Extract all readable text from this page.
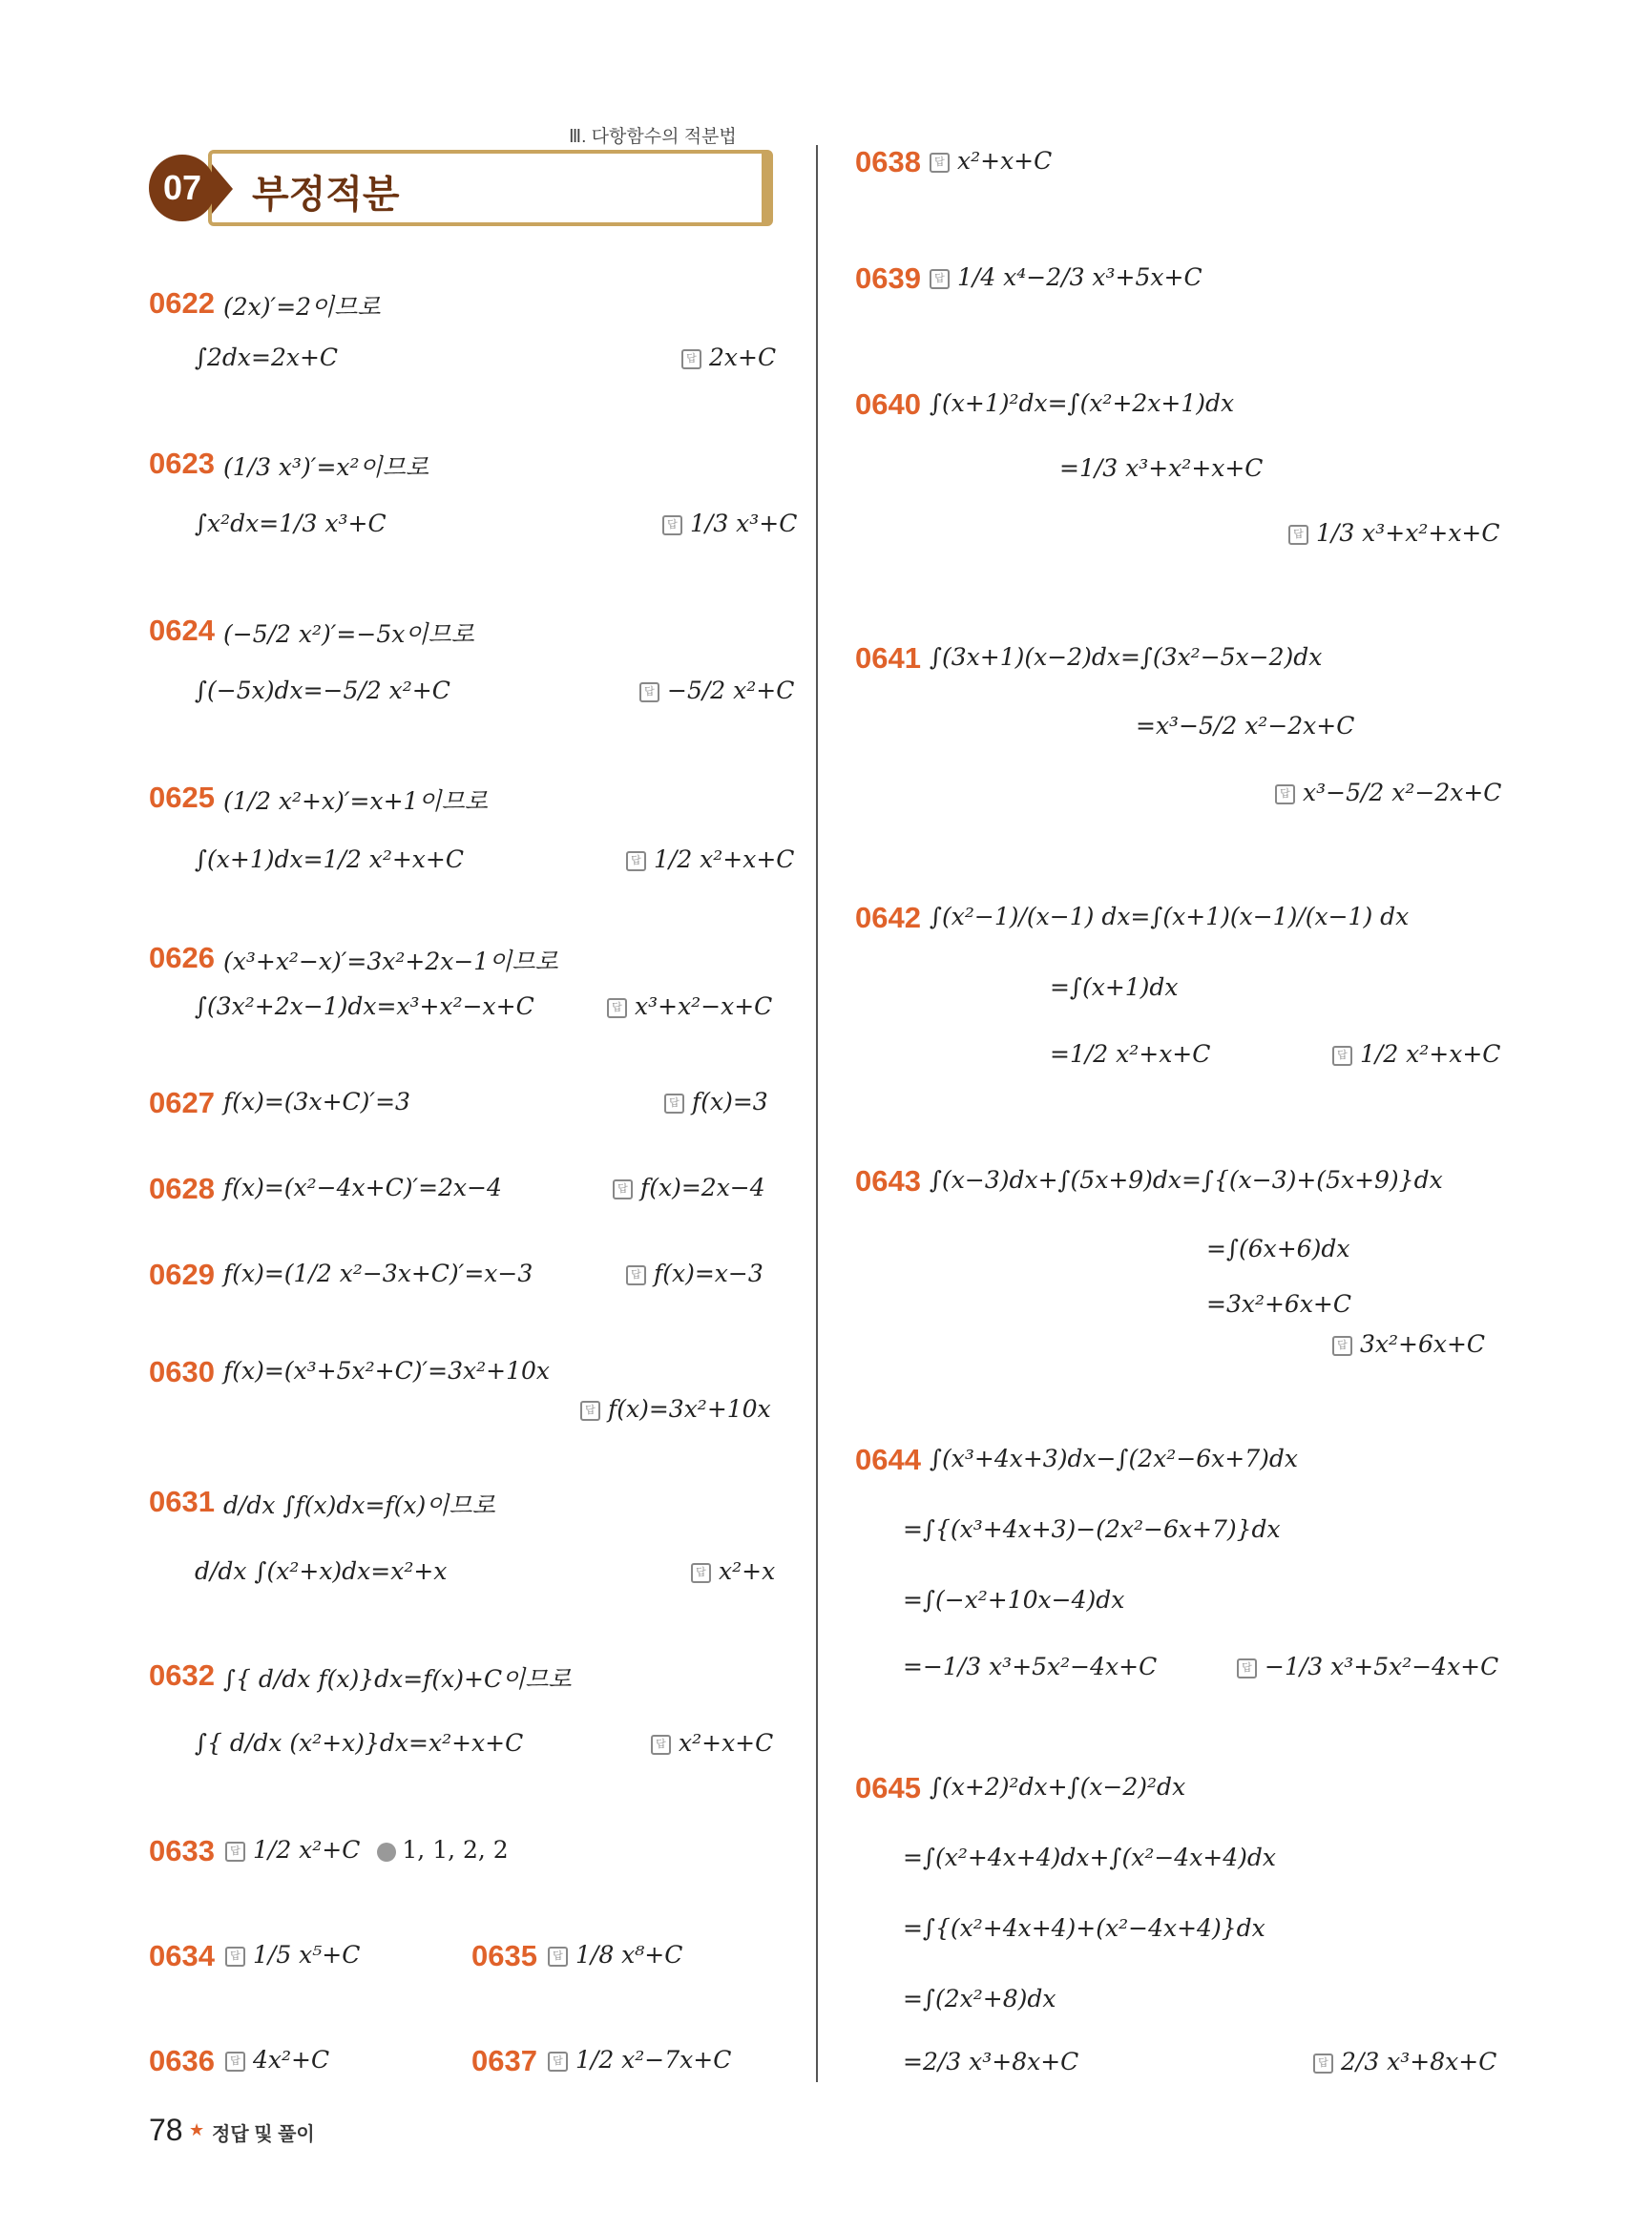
Ⅲ. 다항함수의 적분법
07	부정적분
0622 (2x)′=2이므로
∫2dx=2x+C	답 2x+C
0623 (1/3 x³)′=x²이므로
∫x²dx=1/3 x³+C	답 1/3 x³+C
0624 (−5/2 x²)′=−5x이므로
∫(−5x)dx=−5/2 x²+C	답 −5/2 x²+C
0625 (1/2 x²+x)′=x+1이므로
∫(x+1)dx=1/2 x²+x+C	답 1/2 x²+x+C
0626 (x³+x²−x)′=3x²+2x−1이므로
∫(3x²+2x−1)dx=x³+x²−x+C	답 x³+x²−x+C
0627 f(x)=(3x+C)′=3	답 f(x)=3
0628 f(x)=(x²−4x+C)′=2x−4	답 f(x)=2x−4
0629 f(x)=(1/2 x²−3x+C)′=x−3	답 f(x)=x−3
0630 f(x)=(x³+5x²+C)′=3x²+10x
답 f(x)=3x²+10x
0631 d/dx ∫f(x)dx=f(x)이므로
d/dx ∫(x²+x)dx=x²+x	답 x²+x
0632 ∫{ d/dx f(x)}dx=f(x)+C이므로
∫{ d/dx (x²+x)}dx=x²+x+C	답 x²+x+C
0633	답 1/2 x²+C 1, 1, 2, 2
0634	답 1/5 x⁵+C	0635	답 1/8 x⁸+C
0636	답 4x²+C	0637	답 1/2 x²−7x+C
0638	답 x²+x+C
0639	답 1/4 x⁴−2/3 x³+5x+C
0640 ∫(x+1)²dx=∫(x²+2x+1)dx
=1/3 x³+x²+x+C
답 1/3 x³+x²+x+C
0641 ∫(3x+1)(x−2)dx=∫(3x²−5x−2)dx
=x³−5/2 x²−2x+C
답 x³−5/2 x²−2x+C
0642 ∫(x²−1)/(x−1) dx=∫(x+1)(x−1)/(x−1) dx
=∫(x+1)dx
=1/2 x²+x+C	답 1/2 x²+x+C
0643 ∫(x−3)dx+∫(5x+9)dx=∫{(x−3)+(5x+9)}dx
=∫(6x+6)dx
=3x²+6x+C
답 3x²+6x+C
0644 ∫(x³+4x+3)dx−∫(2x²−6x+7)dx
=∫{(x³+4x+3)−(2x²−6x+7)}dx
=∫(−x²+10x−4)dx
=−1/3 x³+5x²−4x+C	답 −1/3 x³+5x²−4x+C
0645 ∫(x+2)²dx+∫(x−2)²dx
=∫(x²+4x+4)dx+∫(x²−4x+4)dx
=∫{(x²+4x+4)+(x²−4x+4)}dx
=∫(2x²+8)dx
=2/3 x³+8x+C	답 2/3 x³+8x+C
78 ★ 정답 및 풀이
